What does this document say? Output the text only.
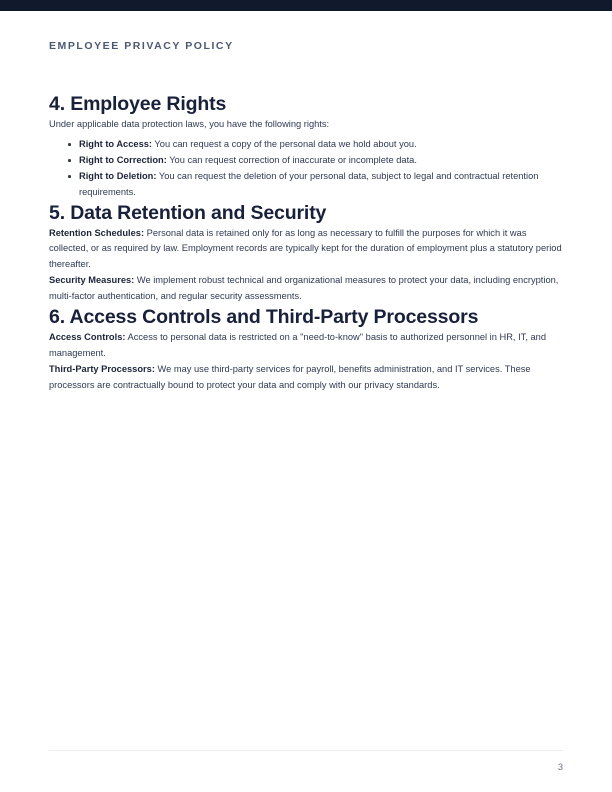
EMPLOYEE PRIVACY POLICY
4. Employee Rights

Under applicable data protection laws, you have the following rights:

Right to Access: You can request a copy of the personal data we hold about you.
Right to Correction: You can request correction of inaccurate or incomplete data.
Right to Deletion: You can request the deletion of your personal data, subject to legal and contractual retention requirements.
5. Data Retention and Security

Retention Schedules: Personal data is retained only for as long as necessary to fulfill the purposes for which it was collected, or as required by law. Employment records are typically kept for the duration of employment plus a statutory period thereafter.

Security Measures: We implement robust technical and organizational measures to protect your data, including encryption, multi-factor authentication, and regular security assessments.

6. Access Controls and Third-Party Processors

Access Controls: Access to personal data is restricted on a "need-to-know" basis to authorized personnel in HR, IT, and management.

Third-Party Processors: We may use third-party services for payroll, benefits administration, and IT services. These processors are contractually bound to protect your data and comply with our privacy standards.

3
